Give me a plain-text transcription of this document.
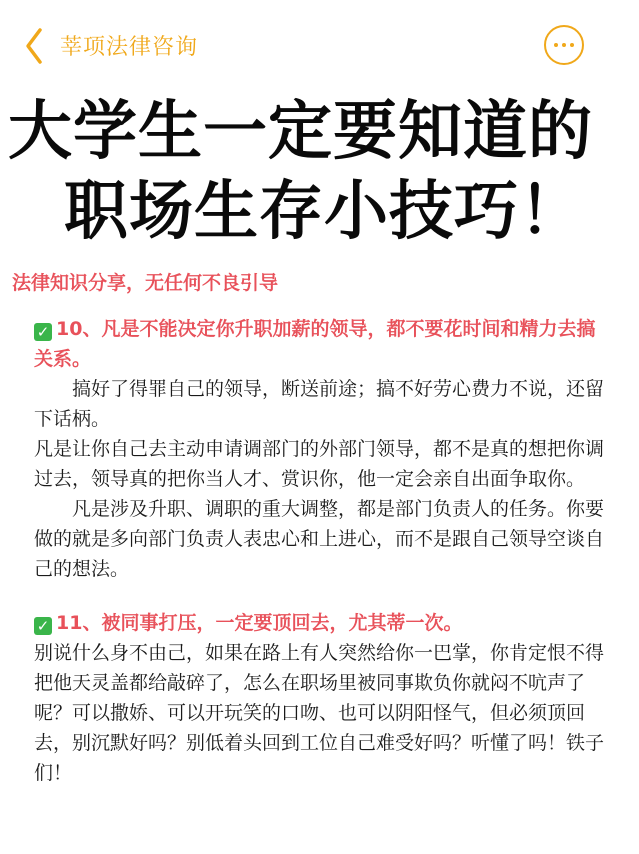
莘项法律咨询
大学生一定要知道的
职场生存小技巧！
法律知识分享，无任何不良引导
✓ 10、凡是不能决定你升职加薪的领导，都不要花时间和精力去搞关系。

搞好了得罪自己的领导，断送前途；搞不好劳心费力不说，还留下话柄。

凡是让你自己去主动申请调部门的外部门领导，都不是真的想把你调过去，领导真的把你当人才、赏识你，他一定会亲自出面争取你。

凡是涉及升职、调职的重大调整，都是部门负责人的任务。你要做的就是多向部门负责人表忠心和上进心，而不是跟自己领导空谈自己的想法。

✓ 11、被同事打压，一定要顶回去，尤其蒂一次。

别说什么身不由己，如果在路上有人突然给你一巴掌，你肯定恨不得把他天灵盖都给敲碎了，怎么在职场里被同事欺负你就闷不吭声了呢？可以撒娇、可以开玩笑的口吻、也可以阴阳怪气，但必须顶回去，别沉默好吗？别低着头回到工位自己难受好吗？听懂了吗！铁子们！
